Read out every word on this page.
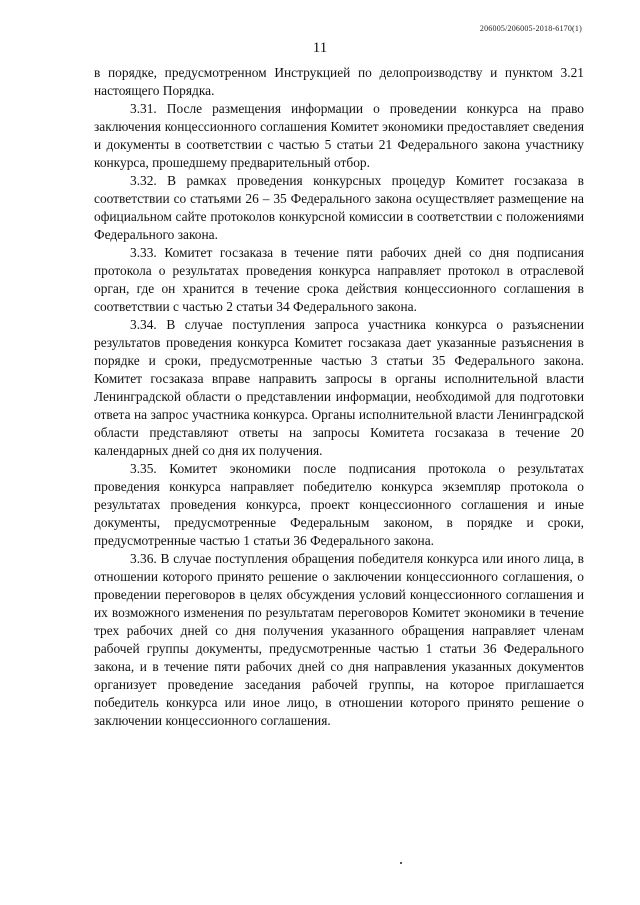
206005/206005-2018-6170(1)
11

в порядке, предусмотренном Инструкцией по делопроизводству и пунктом 3.21 настоящего Порядка.

3.31. После размещения информации о проведении конкурса на право заключения концессионного соглашения Комитет экономики предоставляет сведения и документы в соответствии с частью 5 статьи 21 Федерального закона участнику конкурса, прошедшему предварительный отбор.

3.32. В рамках проведения конкурсных процедур Комитет госзаказа в соответствии со статьями 26 – 35 Федерального закона осуществляет размещение на официальном сайте протоколов конкурсной комиссии в соответствии с положениями Федерального закона.

3.33. Комитет госзаказа в течение пяти рабочих дней со дня подписания протокола о результатах проведения конкурса направляет протокол в отраслевой орган, где он хранится в течение срока действия концессионного соглашения в соответствии с частью 2 статьи 34 Федерального закона.

3.34. В случае поступления запроса участника конкурса о разъяснении результатов проведения конкурса Комитет госзаказа дает указанные разъяснения в порядке и сроки, предусмотренные частью 3 статьи 35 Федерального закона. Комитет госзаказа вправе направить запросы в органы исполнительной власти Ленинградской области о представлении информации, необходимой для подготовки ответа на запрос участника конкурса. Органы исполнительной власти Ленинградской области представляют ответы на запросы Комитета госзаказа в течение 20 календарных дней со дня их получения.

3.35. Комитет экономики после подписания протокола о результатах проведения конкурса направляет победителю конкурса экземпляр протокола о результатах проведения конкурса, проект концессионного соглашения и иные документы, предусмотренные Федеральным законом, в порядке и сроки, предусмотренные частью 1 статьи 36 Федерального закона.

3.36. В случае поступления обращения победителя конкурса или иного лица, в отношении которого принято решение о заключении концессионного соглашения, о проведении переговоров в целях обсуждения условий концессионного соглашения и их возможного изменения по результатам переговоров Комитет экономики в течение трех рабочих дней со дня получения указанного обращения направляет членам рабочей группы документы, предусмотренные частью 1 статьи 36 Федерального закона, и в течение пяти рабочих дней со дня направления указанных документов организует проведение заседания рабочей группы, на которое приглашается победитель конкурса или иное лицо, в отношении которого принято решение о заключении концессионного соглашения.
